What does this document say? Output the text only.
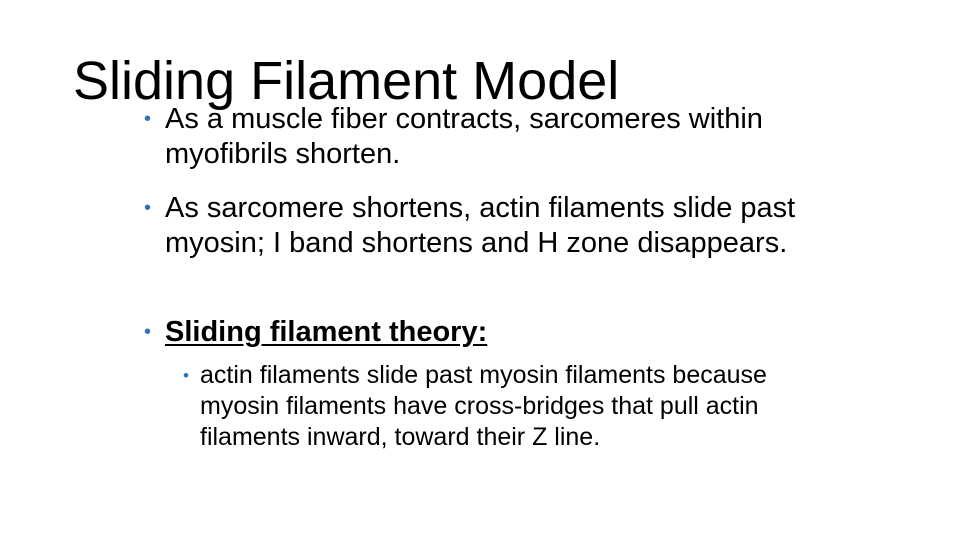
Sliding Filament Model

• As a muscle fiber contracts, sarcomeres within myofibrils shorten.

• As sarcomere shortens, actin filaments slide past myosin; I band shortens and H zone disappears.

• Sliding filament theory:

• actin filaments slide past myosin filaments because myosin filaments have cross-bridges that pull actin filaments inward, toward their Z line.
